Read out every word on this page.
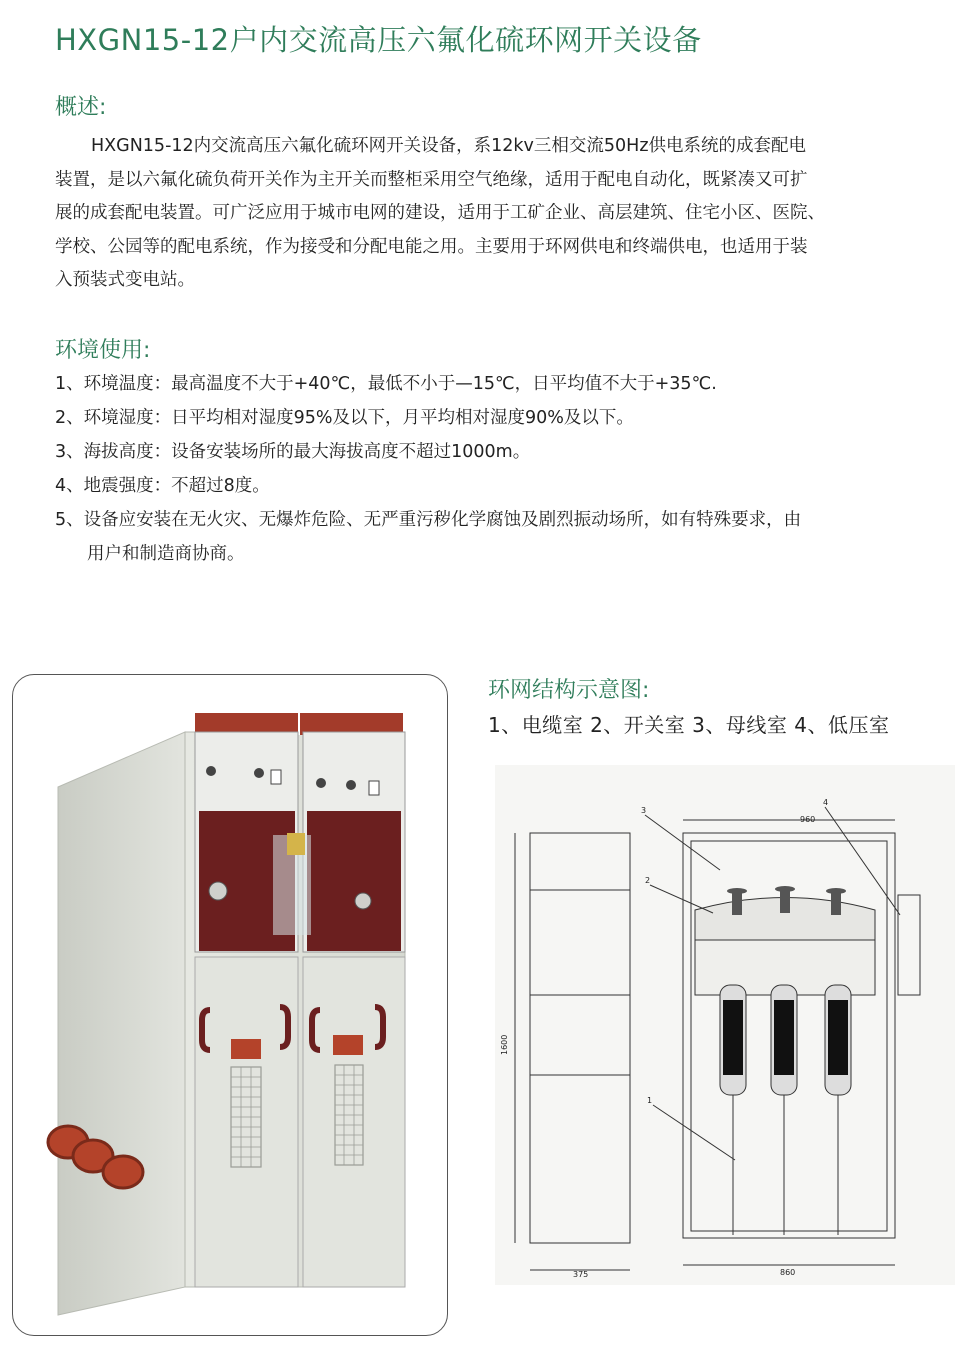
HXGN15-12户内交流高压六氟化硫环网开关设备
概述:
HXGN15-12内交流高压六氟化硫环网开关设备，系12kv三相交流50Hz供电系统的成套配电
装置，是以六氟化硫负荷开关作为主开关而整柜采用空气绝缘，适用于配电自动化，既紧凑又可扩
展的成套配电装置。可广泛应用于城市电网的建设，适用于工矿企业、高层建筑、住宅小区、医院、
学校、公园等的配电系统，作为接受和分配电能之用。主要用于环网供电和终端供电，也适用于装
入预装式变电站。
环境使用:
1、环境温度：最高温度不大于+40℃，最低不小于—15℃，日平均值不大于+35℃.
2、环境湿度：日平均相对湿度95%及以下，月平均相对湿度90%及以下。
3、海拔高度：设备安装场所的最大海拔高度不超过1000m。
4、地震强度：不超过8度。
5、设备应安装在无火灾、无爆炸危险、无严重污秽化学腐蚀及剧烈振动场所，如有特殊要求，由
用户和制造商协商。
环网结构示意图:
1、电缆室 2、开关室 3、母线室 4、低压室
3
2
1
4
960
860
375
1600
